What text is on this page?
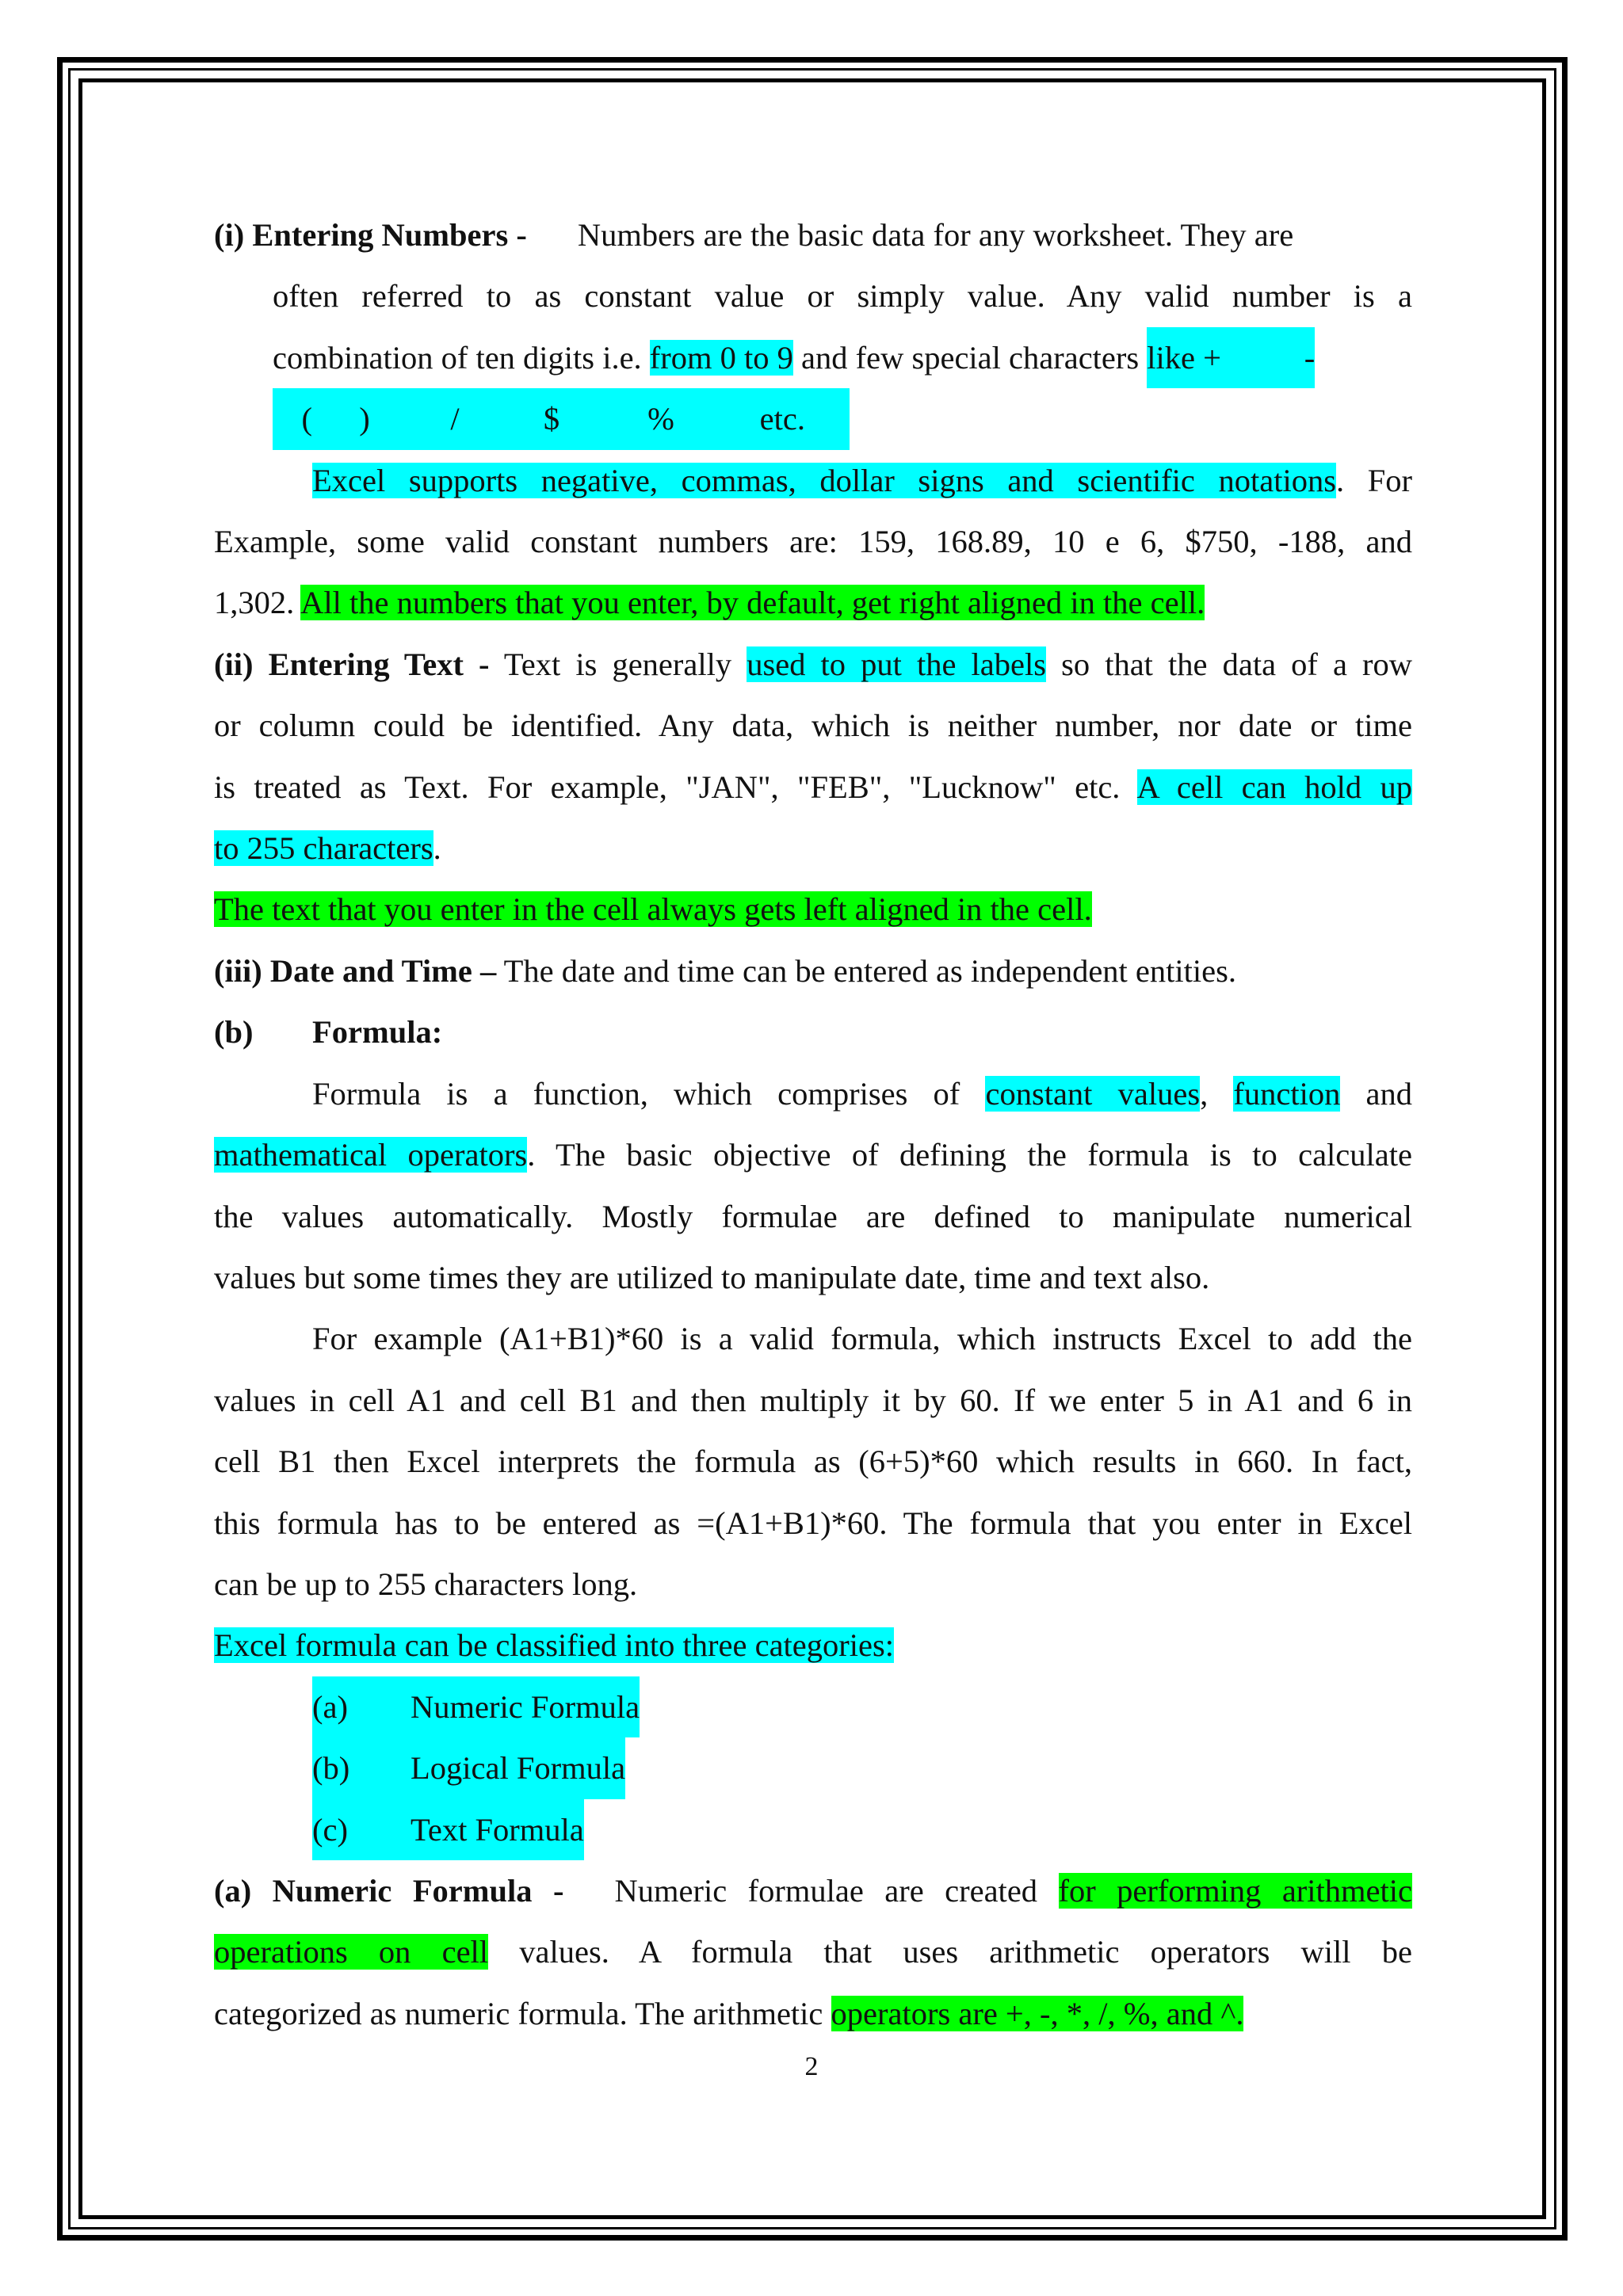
(i) Entering Numbers - Numbers are the basic data for any worksheet. They are
often referred to as constant value or simply value. Any valid number is a
combination of ten digits i.e. from 0 to 9 and few special characters like +	-
( )	/	$	%	etc.
Excel supports negative, commas, dollar signs and scientific notations. For
Example, some valid constant numbers are: 159, 168.89, 10 e 6, $750, -188, and
1,302. All the numbers that you enter, by default, get right aligned in the cell.
(ii) Entering Text - Text is generally used to put the labels so that the data of a row
or column could be identified. Any data, which is neither number, nor date or time
is treated as Text. For example, "JAN", "FEB", "Lucknow" etc. A cell can hold up
to 255 characters.
The text that you enter in the cell always gets left aligned in the cell.
(iii) Date and Time – The date and time can be entered as independent entities.
(b) Formula:
Formula is a function, which comprises of constant values, function and
mathematical operators. The basic objective of defining the formula is to calculate
the values automatically. Mostly formulae are defined to manipulate numerical
values but some times they are utilized to manipulate date, time and text also.
For example (A1+B1)*60 is a valid formula, which instructs Excel to add the
values in cell A1 and cell B1 and then multiply it by 60. If we enter 5 in A1 and 6 in
cell B1 then Excel interprets the formula as (6+5)*60 which results in 660. In fact,
this formula has to be entered as =(A1+B1)*60. The formula that you enter in Excel
can be up to 255 characters long.
Excel formula can be classified into three categories:
(a) Numeric Formula
(b) Logical Formula
(c) Text Formula
(a) Numeric Formula - Numeric formulae are created for performing arithmetic
operations on cell values. A formula that uses arithmetic operators will be
categorized as numeric formula. The arithmetic operators are +, -, *, /, %, and ^.
2
